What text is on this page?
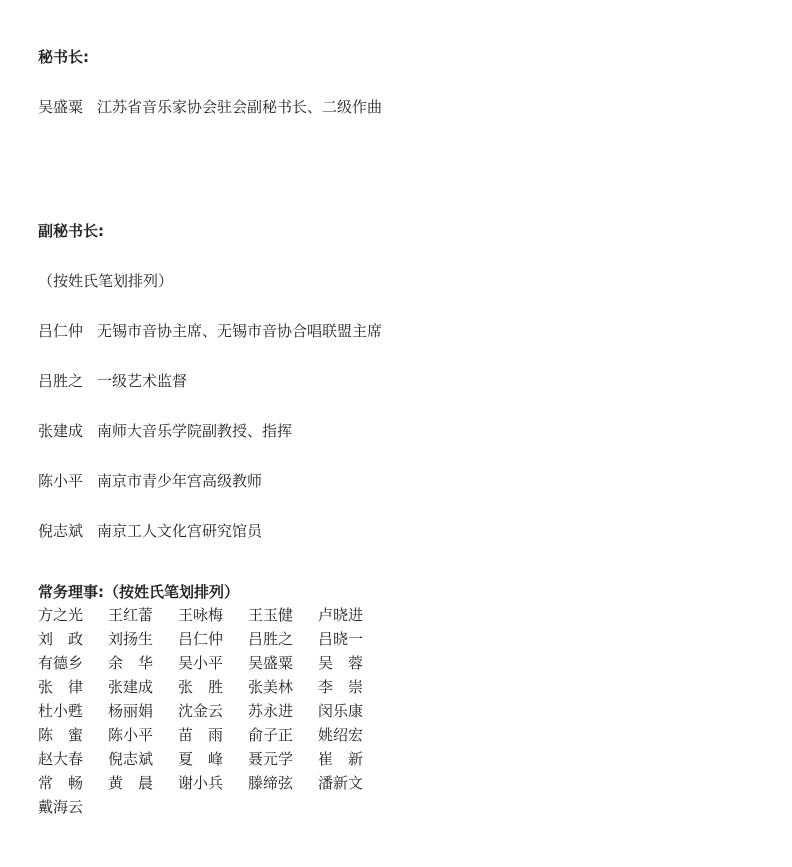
秘书长:
吴盛粟 江苏省音乐家协会驻会副秘书长、二级作曲
副秘书长:
（按姓氏笔划排列）
吕仁仲 无锡市音协主席、无锡市音协合唱联盟主席
吕胜之 一级艺术监督
张建成 南师大音乐学院副教授、指挥
陈小平 南京市青少年宫高级教师
倪志斌 南京工人文化宫研究馆员
常务理事:（按姓氏笔划排列）
方之光 王红蕾 王咏梅 王玉健 卢晓进
刘　政 刘扬生 吕仁仲 吕胜之 吕晓一
有德乡 余　华 吴小平 吴盛粟 吴　蓉
张　律 张建成 张　胜 张美林 李　崇
杜小甦 杨丽娟 沈金云 苏永进 闵乐康
陈　蜜 陈小平 苗　雨 俞子正 姚绍宏
赵大春 倪志斌 夏　峰 聂元学 崔　新
常　畅 黄　晨 谢小兵 滕缔弦 潘新文
戴海云
